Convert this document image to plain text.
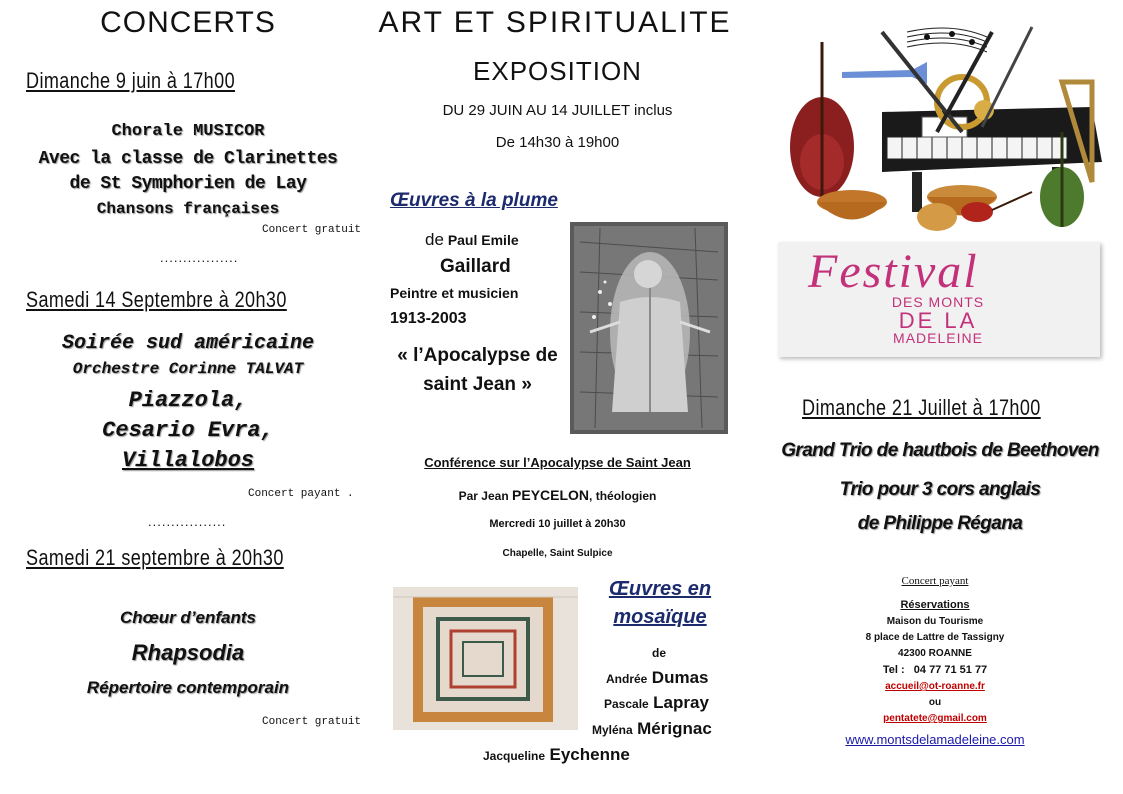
CONCERTS
Dimanche 9 juin à 17h00
Chorale MUSICOR
Avec la classe de Clarinettes
de St Symphorien de Lay
Chansons françaises
Concert gratuit
.................
Samedi 14 Septembre à 20h30
Soirée sud américaine
Orchestre Corinne TALVAT
Piazzola,
Cesario Evra,
Villalobos
Concert payant .
.................
Samedi 21 septembre à 20h30
Chœur d’enfants
Rhapsodia
Répertoire contemporain
Concert gratuit
ART ET SPIRITUALITE
EXPOSITION
DU 29 JUIN AU 14 JUILLET inclus
De 14h30 à 19h00
Œuvres à la plume
de Paul Emile
Gaillard
Peintre et musicien
1913-2003
« l’Apocalypse de
saint Jean »
Conférence sur l’Apocalypse de Saint Jean
Par Jean PEYCELON, théologien
Mercredi 10 juillet à 20h30
Chapelle, Saint Sulpice
Œuvres en
mosaïque
de
Andrée Dumas
Pascale Lapray
Myléna Mérignac
Jacqueline Eychenne
Festival
DES MONTS
DE LA
MADELEINE
Dimanche 21 Juillet à 17h00
Grand Trio de hautbois de Beethoven
Trio pour 3 cors anglais
de Philippe Régana
Concert payant
Réservations
Maison du Tourisme
8 place de Lattre de Tassigny
42300 ROANNE
Tel :   04 77 71 51 77
accueil@ot-roanne.fr
ou
pentatete@gmail.com
www.montsdelamadeleine.com
